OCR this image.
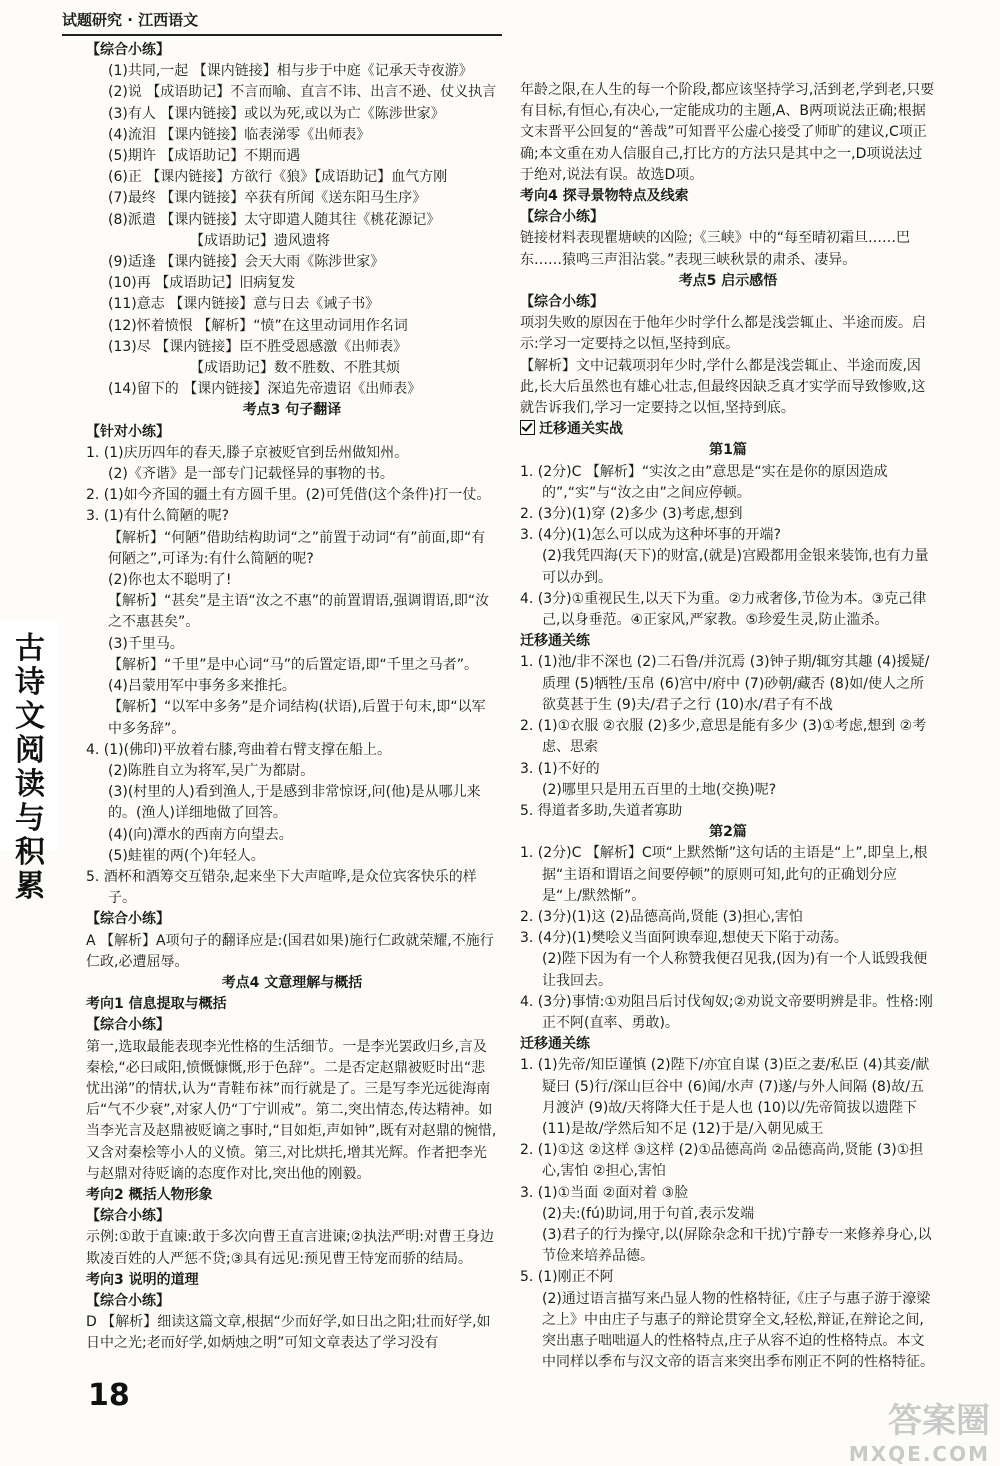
试题研究 · 江西语文
古诗文阅读与积累
【综合小练】
(1)共同,一起 【课内链接】相与步于中庭《记承天寺夜游》
(2)说 【成语助记】不言而喻、直言不讳、出言不逊、仗义执言
(3)有人 【课内链接】或以为死,或以为亡《陈涉世家》
(4)流泪 【课内链接】临表涕零《出师表》
(5)期许 【成语助记】不期而遇
(6)正 【课内链接】方欲行《狼》【成语助记】血气方刚
(7)最终 【课内链接】卒获有所闻《送东阳马生序》
(8)派遣 【课内链接】太守即遣人随其往《桃花源记》
【成语助记】遗风遗将
(9)适逢 【课内链接】会天大雨《陈涉世家》
(10)再 【成语助记】旧病复发
(11)意志 【课内链接】意与日去《诫子书》
(12)怀着愤恨 【解析】“愤”在这里动词用作名词
(13)尽 【课内链接】臣不胜受恩感激《出师表》
【成语助记】数不胜数、不胜其烦
(14)留下的 【课内链接】深追先帝遗诏《出师表》
考点3 句子翻译
【针对小练】
1. (1)庆历四年的春天,滕子京被贬官到岳州做知州。
(2)《齐谐》是一部专门记载怪异的事物的书。
2. (1)如今齐国的疆土有方圆千里。(2)可凭借(这个条件)打一仗。
3. (1)有什么简陋的呢?
【解析】“何陋”借助结构助词“之”前置于动词“有”前面,即“有何陋之”,可译为:有什么简陋的呢?
(2)你也太不聪明了!
【解析】“甚矣”是主语“汝之不惠”的前置谓语,强调谓语,即“汝之不惠甚矣”。
(3)千里马。
【解析】“千里”是中心词“马”的后置定语,即“千里之马者”。
(4)吕蒙用军中事务多来推托。
【解析】“以军中多务”是介词结构(状语),后置于句末,即“以军中多务辞”。
4. (1)(佛印)平放着右膝,弯曲着右臂支撑在船上。
(2)陈胜自立为将军,吴广为都尉。
(3)(村里的人)看到渔人,于是感到非常惊讶,问(他)是从哪儿来的。(渔人)详细地做了回答。
(4)(向)潭水的西南方向望去。
(5)蛙崔的两(个)年轻人。
5. 酒杯和酒筹交互错杂,起来坐下大声喧哗,是众位宾客快乐的样子。
【综合小练】
A 【解析】A项句子的翻译应是:(国君如果)施行仁政就荣耀,不施行仁政,必遭屈辱。
考点4 文意理解与概括
考向1 信息提取与概括
【综合小练】
第一,选取最能表现李光性格的生活细节。一是李光罢政归乡,言及秦桧,“必曰咸阳,愤慨慷慨,形于色辞”。二是否定赵鼎被贬时出“悲忧出涕”的情状,认为“青鞋布袜”而行就是了。三是写李光远徙海南后“气不少衰”,对家人仍“丁宁训戒”。第二,突出情态,传达精神。如当李光言及赵鼎被贬谪之事时,“目如炬,声如钟”,既有对赵鼎的惋惜,又含对秦桧等小人的义愤。第三,对比烘托,增其光辉。作者把李光与赵鼎对待贬谪的态度作对比,突出他的刚毅。
考向2 概括人物形象
【综合小练】
示例:①敢于直谏:敢于多次向曹王直言进谏;②执法严明:对曹王身边欺凌百姓的人严惩不贷;③具有远见:预见曹王恃宠而骄的结局。
考向3 说明的道理
【综合小练】
D 【解析】细读这篇文章,根据“少而好学,如日出之阳;壮而好学,如日中之光;老而好学,如炳烛之明”可知文章表达了学习没有
年龄之限,在人生的每一个阶段,都应该坚持学习,活到老,学到老,只要有目标,有恒心,有决心,一定能成功的主题,A、B两项说法正确;根据文末晋平公回复的“善哉”可知晋平公虚心接受了师旷的建议,C项正确;本文重在劝人信服自己,打比方的方法只是其中之一,D项说法过于绝对,说法有误。故选D项。
考向4 探寻景物特点及线索
【综合小练】
链接材料表现瞿塘峡的凶险;《三峡》中的“每至晴初霜旦……巴东……猿鸣三声泪沾裳。”表现三峡秋景的肃杀、凄异。
考点5 启示感悟
【综合小练】
项羽失败的原因在于他年少时学什么都是浅尝辄止、半途而废。启示:学习一定要持之以恒,坚持到底。
【解析】文中记载项羽年少时,学什么都是浅尝辄止、半途而废,因此,长大后虽然也有雄心壮志,但最终因缺乏真才实学而导致惨败,这就告诉我们,学习一定要持之以恒,坚持到底。
迁移通关实战
第1篇
1. (2分)C 【解析】“实汝之由”意思是“实在是你的原因造成的”,“实”与“汝之由”之间应停顿。
2. (3分)(1)穿 (2)多少 (3)考虑,想到
3. (4分)(1)怎么可以成为这种坏事的开端?
(2)我凭四海(天下)的财富,(就是)宫殿都用金银来装饰,也有力量可以办到。
4. (3分)①重视民生,以天下为重。②力戒奢侈,节俭为本。③克己律己,以身垂范。④正家风,严家教。⑤珍爱生灵,防止滥杀。
迁移通关练
1. (1)池/非不深也 (2)二石鲁/并沉焉 (3)钟子期/辄穷其趣 (4)援疑/质理 (5)牺牲/玉帛 (6)宫中/府中 (7)砂朝/藏否 (8)如/使人之所欲莫甚于生 (9)夫/君子之行 (10)水/君子有不战
2. (1)①衣服 ②衣服 (2)多少,意思是能有多少 (3)①考虑,想到 ②考虑、思索
3. (1)不好的
(2)哪里只是用五百里的土地(交换)呢?
5. 得道者多助,失道者寡助
第2篇
1. (2分)C 【解析】C项“上默然惭”这句话的主语是“上”,即皇上,根据“主语和谓语之间要停顿”的原则可知,此句的正确划分应是“上/默然惭”。
2. (3分)(1)这 (2)品德高尚,贤能 (3)担心,害怕
3. (4分)(1)樊哙义当面阿谀奉迎,想使天下陷于动荡。
(2)陛下因为有一个人称赞我便召见我,(因为)有一个人诋毁我便让我回去。
4. (3分)事情:①劝阻吕后讨伐匈奴;②劝说文帝要明辨是非。性格:刚正不阿(直率、勇敢)。
迁移通关练
1. (1)先帝/知臣谨慎 (2)陛下/亦宜自谋 (3)臣之妻/私臣 (4)其妾/献疑曰 (5)行/深山巨谷中 (6)闻/水声 (7)遂/与外人间隔 (8)故/五月渡泸 (9)故/天将降大任于是人也 (10)以/先帝简拔以遗陛下 (11)是故/学然后知不足 (12)于是/入朝见威王
2. (1)①这 ②这样 ③这样 (2)①品德高尚 ②品德高尚,贤能 (3)①担心,害怕 ②担心,害怕
3. (1)①当面 ②面对着 ③脸
(2)夫:(fú)助词,用于句首,表示发端
(3)君子的行为操守,以(屏除杂念和干扰)宁静专一来修养身心,以节俭来培养品德。
5. (1)刚正不阿
(2)通过语言描写来凸显人物的性格特征,《庄子与惠子游于濠梁之上》中由庄子与惠子的辩论贯穿全文,轻松,辩证,在辩论之间,突出惠子咄咄逼人的性格特点,庄子从容不迫的性格特点。本文中同样以季布与汉文帝的语言来突出季布刚正不阿的性格特征。
18
答案圈
MXQE.COM
